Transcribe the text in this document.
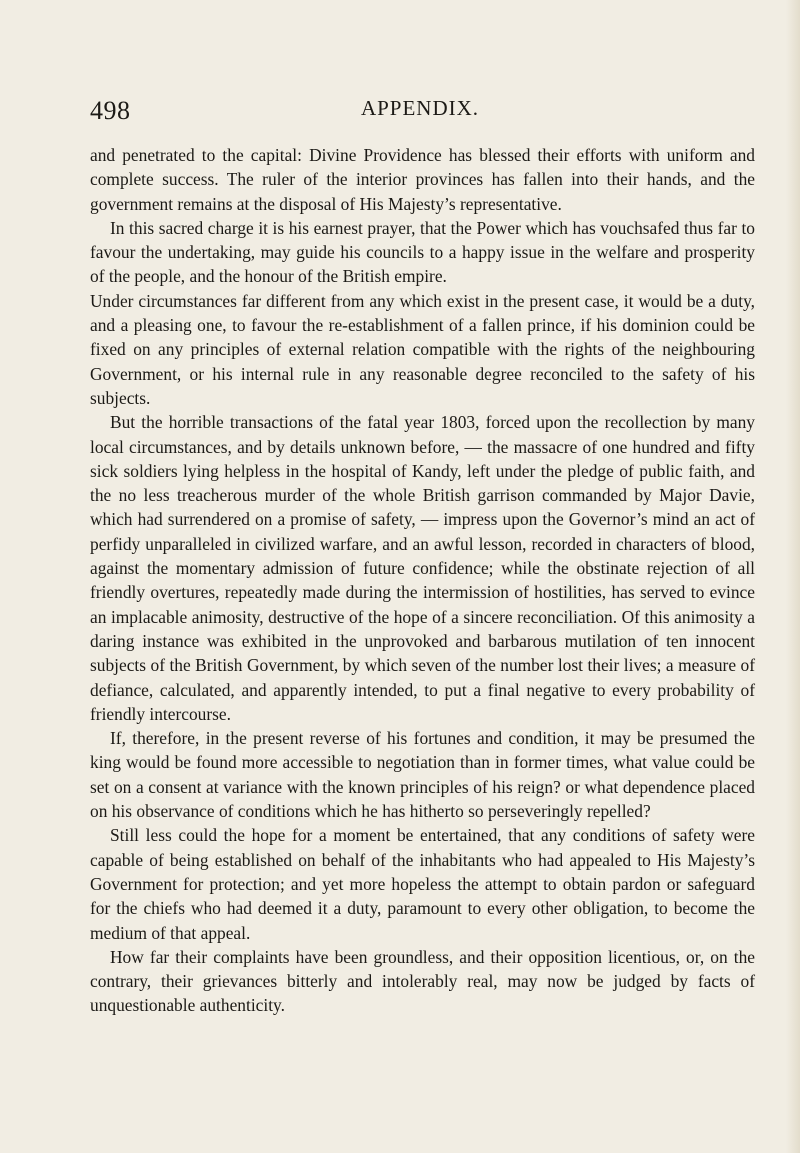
498	APPENDIX.

and penetrated to the capital: Divine Providence has blessed their efforts with uniform and complete success. The ruler of the interior provinces has fallen into their hands, and the government remains at the disposal of His Majesty’s representative.

In this sacred charge it is his earnest prayer, that the Power which has vouchsafed thus far to favour the undertaking, may guide his councils to a happy issue in the welfare and prosperity of the people, and the honour of the British empire.

Under circumstances far different from any which exist in the present case, it would be a duty, and a pleasing one, to favour the re-establishment of a fallen prince, if his dominion could be fixed on any principles of external relation compatible with the rights of the neighbouring Government, or his internal rule in any reasonable degree reconciled to the safety of his subjects.

But the horrible transactions of the fatal year 1803, forced upon the recollection by many local circumstances, and by details unknown before, — the massacre of one hundred and fifty sick soldiers lying helpless in the hospital of Kandy, left under the pledge of public faith, and the no less treacherous murder of the whole British garrison commanded by Major Davie, which had surrendered on a promise of safety, — impress upon the Governor’s mind an act of perfidy unparalleled in civilized warfare, and an awful lesson, recorded in characters of blood, against the momentary admission of future confidence; while the obstinate rejection of all friendly overtures, repeatedly made during the intermission of hostilities, has served to evince an implacable animosity, destructive of the hope of a sincere reconciliation. Of this animosity a daring instance was exhibited in the unprovoked and barbarous mutilation of ten innocent subjects of the British Government, by which seven of the number lost their lives; a measure of defiance, calculated, and apparently intended, to put a final negative to every probability of friendly intercourse.

If, therefore, in the present reverse of his fortunes and condition, it may be presumed the king would be found more accessible to negotiation than in former times, what value could be set on a consent at variance with the known principles of his reign? or what dependence placed on his observance of conditions which he has hitherto so perseveringly repelled?

Still less could the hope for a moment be entertained, that any conditions of safety were capable of being established on behalf of the inhabitants who had appealed to His Majesty’s Government for protection; and yet more hopeless the attempt to obtain pardon or safeguard for the chiefs who had deemed it a duty, paramount to every other obligation, to become the medium of that appeal.

How far their complaints have been groundless, and their opposition licentious, or, on the contrary, their grievances bitterly and intolerably real, may now be judged by facts of unquestionable authenticity.
